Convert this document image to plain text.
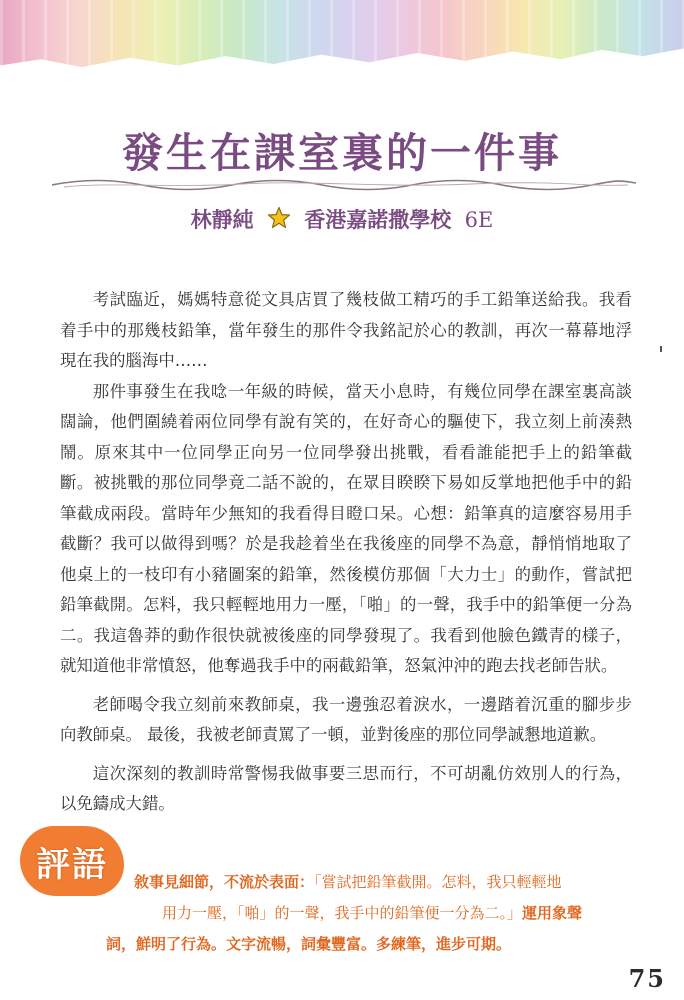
發生在課室裏的一件事
林靜純 香港嘉諾撒學校 6E

考試臨近，媽媽特意從文具店買了幾枝做工精巧的手工鉛筆送給我。我看着手中的那幾枝鉛筆，當年發生的那件令我銘記於心的教訓，再次一幕幕地浮現在我的腦海中……

那件事發生在我唸一年級的時候，當天小息時，有幾位同學在課室裏高談闊論，他們圍繞着兩位同學有說有笑的，在好奇心的驅使下，我立刻上前湊熱鬧。原來其中一位同學正向另一位同學發出挑戰，看看誰能把手上的鉛筆截斷。被挑戰的那位同學竟二話不說的，在眾目睽睽下易如反掌地把他手中的鉛筆截成兩段。當時年少無知的我看得目瞪口呆。心想：鉛筆真的這麼容易用手截斷？我可以做得到嗎？於是我趁着坐在我後座的同學不為意，靜悄悄地取了他桌上的一枝印有小豬圖案的鉛筆，然後模仿那個「大力士」的動作，嘗試把鉛筆截開。怎料，我只輕輕地用力一壓，「啪」的一聲，我手中的鉛筆便一分為二。我這魯莽的動作很快就被後座的同學發現了。我看到他臉色鐵青的樣子，就知道他非常憤怒，他奪過我手中的兩截鉛筆，怒氣沖沖的跑去找老師告狀。

老師喝令我立刻前來教師桌，我一邊強忍着淚水，一邊踏着沉重的腳步步向教師桌。 最後，我被老師責罵了一頓，並對後座的那位同學誠懇地道歉。

這次深刻的教訓時常警惕我做事要三思而行，不可胡亂仿效別人的行為，以免鑄成大錯。

評語 敘事見細節，不流於表面：「嘗試把鉛筆截開。怎料，我只輕輕地
用力一壓，「啪」的一聲，我手中的鉛筆便一分為二。」運用象聲
詞，鮮明了行為。文字流暢，詞彙豐富。多練筆，進步可期。
75
